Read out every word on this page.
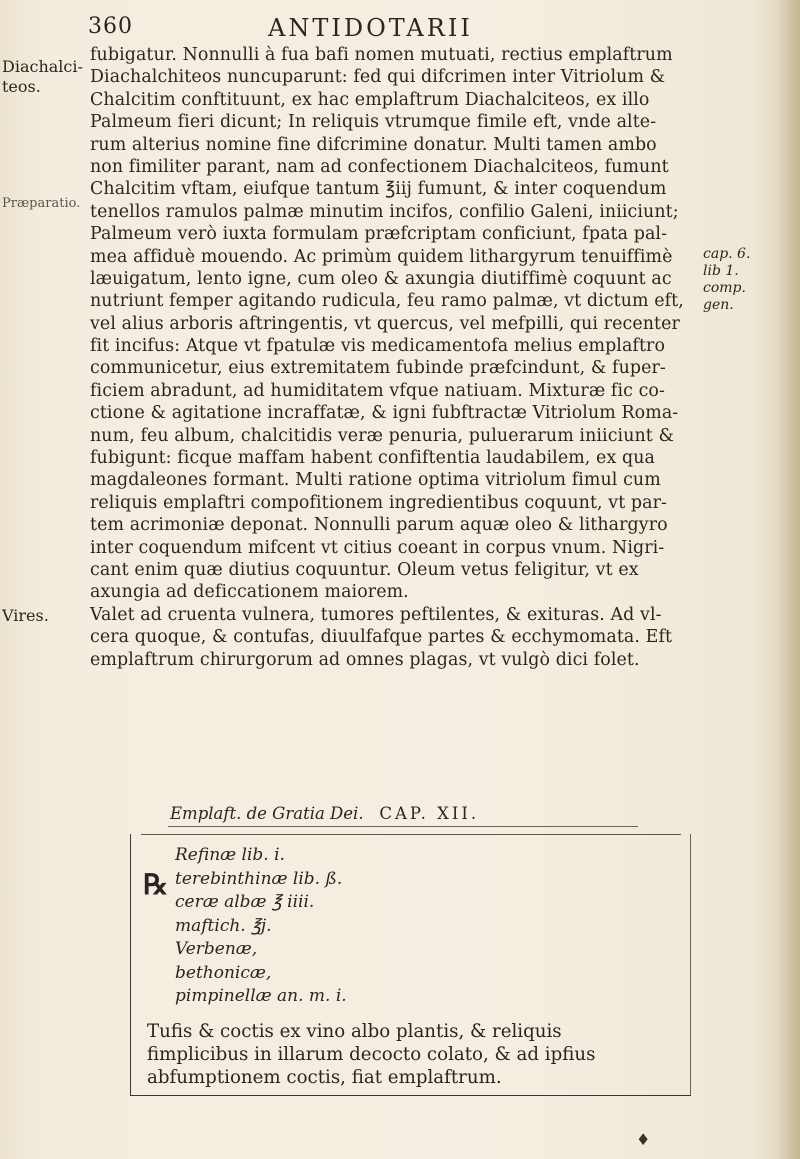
360	ANTIDOTARII
Diachalci-
teos.
Præparatio.
Vires.
cap. 6.
lib 1.
comp.
gen.
fubigatur. Nonnulli à fua bafi nomen mutuati, rectius emplaftrum
Diachalchiteos nuncuparunt: fed qui difcrimen inter Vitriolum &
Chalcitim conftituunt, ex hac emplaftrum Diachalciteos, ex illo
Palmeum fieri dicunt; In reliquis vtrumque fimile eft, vnde alte-
rum alterius nomine fine difcrimine donatur. Multi tamen ambo
non fimiliter parant, nam ad confectionem Diachalciteos, fumunt
Chalcitim vftam, eiufque tantum ℥iij fumunt, & inter coquendum
tenellos ramulos palmæ minutim incifos, confilio Galeni, iniiciunt;
Palmeum verò iuxta formulam præfcriptam conficiunt, fpata pal-
mea affiduè mouendo. Ac primùm quidem lithargyrum tenuiffimè
læuigatum, lento igne, cum oleo & axungia diutiffimè coquunt ac
nutriunt femper agitando rudicula, feu ramo palmæ, vt dictum eft,
vel alius arboris aftringentis, vt quercus, vel mefpilli, qui recenter
fit incifus: Atque vt fpatulæ vis medicamentofa melius emplaftro
communicetur, eius extremitatem fubinde præfcindunt, & fuper-
ficiem abradunt, ad humiditatem vfque natiuam. Mixturæ fic co-
ctione & agitatione incraffatæ, & igni fubftractæ Vitriolum Roma-
num, feu album, chalcitidis veræ penuria, puluerarum iniiciunt &
fubigunt: ficque maffam habent confiftentia laudabilem, ex qua
magdaleones formant. Multi ratione optima vitriolum fimul cum
reliquis emplaftri compofitionem ingredientibus coquunt, vt par-
tem acrimoniæ deponat. Nonnulli parum aquæ oleo & lithargyro
inter coquendum mifcent vt citius coeant in corpus vnum. Nigri-
cant enim quæ diutius coquuntur. Oleum vetus feligitur, vt ex
axungia ad deficcationem maiorem.
Valet ad cruenta vulnera, tumores peftilentes, & exituras. Ad vl-
cera quoque, & contufas, diuulfafque partes & ecchymomata. Eft
emplaftrum chirurgorum ad omnes plagas, vt vulgò dici folet.
Emplaft. de Gratia Dei. CAP. XII.
℞
Refinæ lib. i.
terebinthinæ lib. ß.
ceræ albæ ℥ iiii.
maftich. ℥j.
Verbenæ,
bethonicæ,
pimpinellæ an. m. i.
Tufis & coctis ex vino albo plantis, & reliquis
fimplicibus in illarum decocto colato, & ad ipfius
abfumptionem coctis, fiat emplaftrum.
♦
